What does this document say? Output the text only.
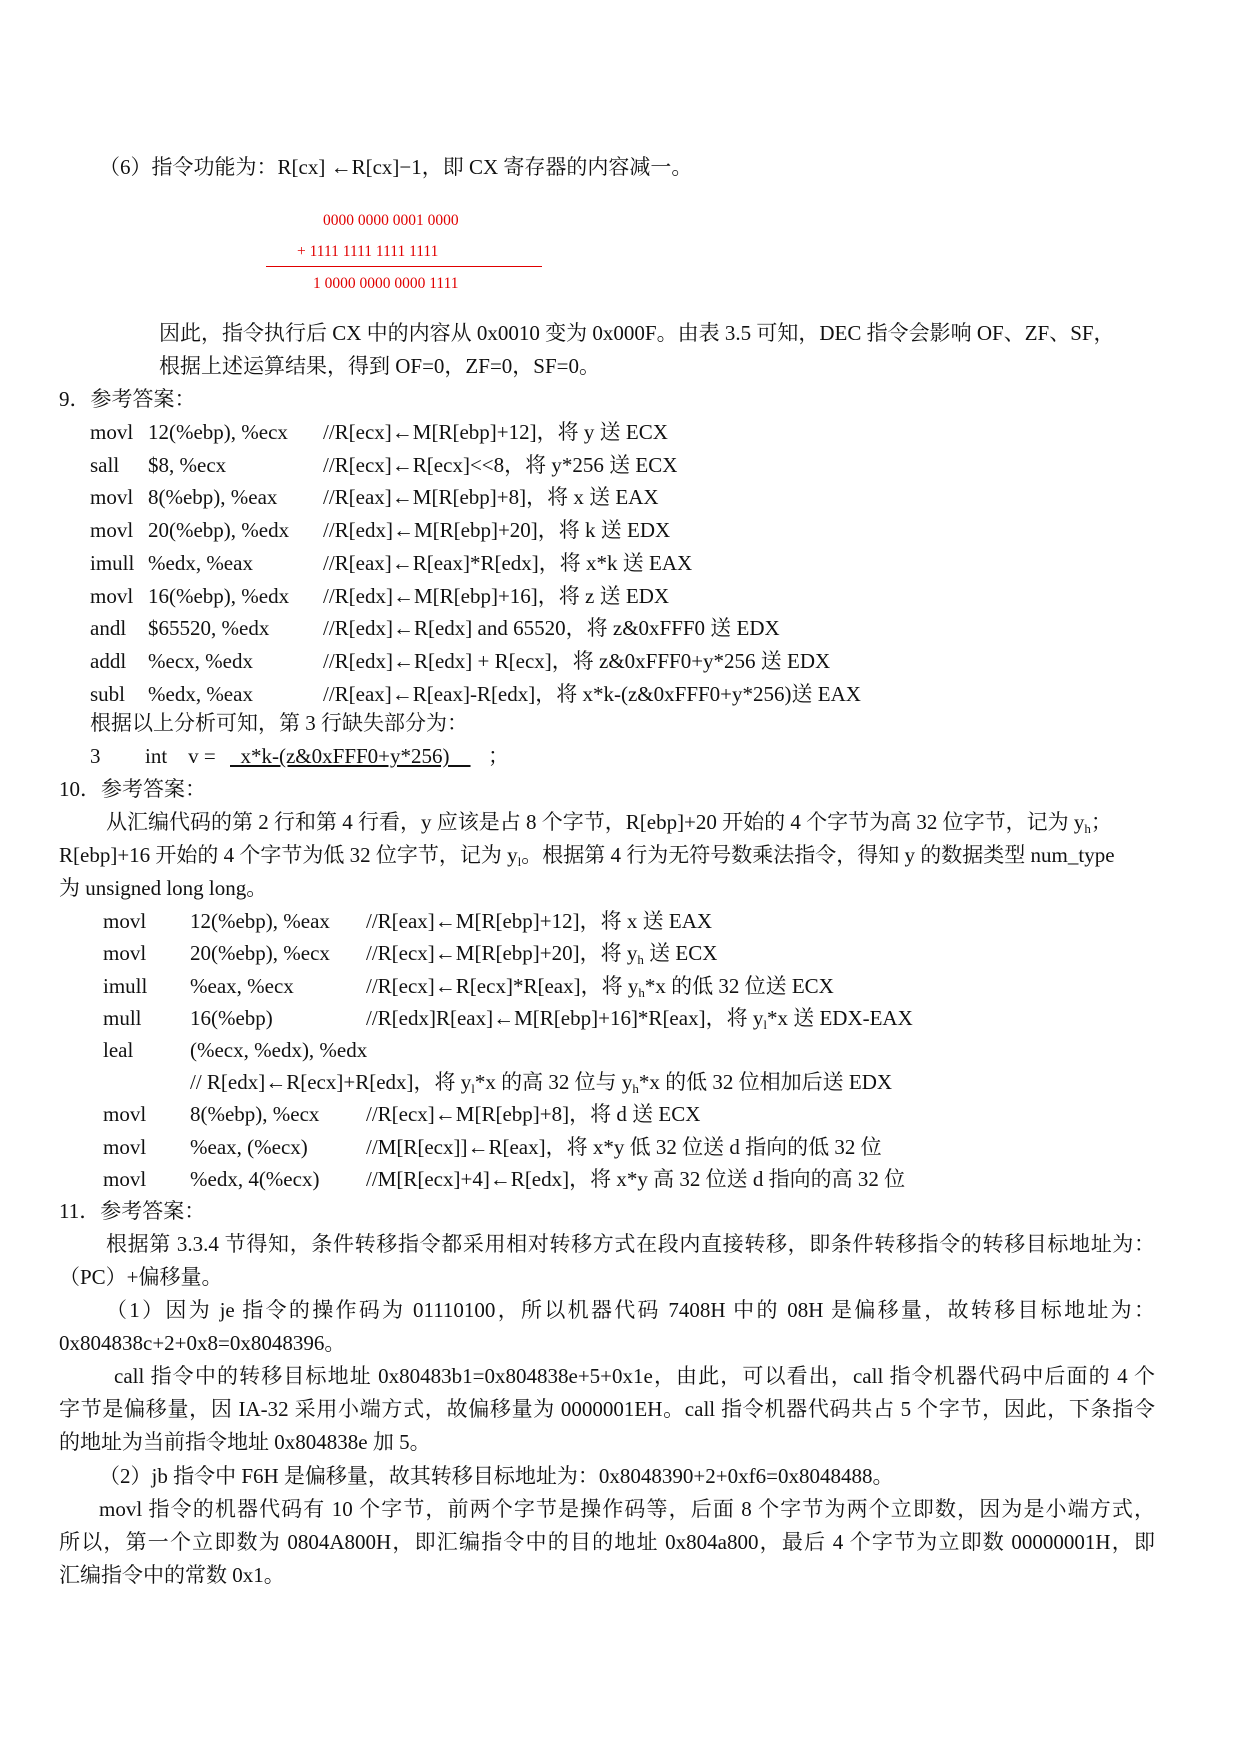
（6）指令功能为：R[cx] ←R[cx]−1，即 CX 寄存器的内容减一。
0000 0000 0001 0000
+ 1111 1111 1111 1111
1 0000 0000 0000 1111
因此，指令执行后 CX 中的内容从 0x0010 变为 0x000F。由表 3.5 可知，DEC 指令会影响 OF、ZF、SF，
根据上述运算结果，得到 OF=0，ZF=0，SF=0。
9．参考答案：
movl 12(%ebp), %ecx //R[ecx]←M[R[ebp]+12]，将 y 送 ECX
sall $8, %ecx	//R[ecx]←R[ecx]<<8，将 y*256 送 ECX
movl 8(%ebp), %eax //R[eax]←M[R[ebp]+8]，将 x 送 EAX
movl 20(%ebp), %edx //R[edx]←M[R[ebp]+20]，将 k 送 EDX
imull %edx, %eax	//R[eax]←R[eax]*R[edx]，将 x*k 送 EAX
movl 16(%ebp), %edx //R[edx]←M[R[ebp]+16]，将 z 送 EDX
andl $65520, %edx	//R[edx]←R[edx] and 65520，将 z&0xFFF0 送 EDX
addl %ecx, %edx	//R[edx]←R[edx] + R[ecx]，将 z&0xFFF0+y*256 送 EDX
subl %edx, %eax	//R[eax]←R[eax]-R[edx]，将 x*k-(z&0xFFF0+y*256)送 EAX
根据以上分析可知，第 3 行缺失部分为：
3 int    v = x*k-(z&0xFFF0+y*256) ；
10．参考答案：
从汇编代码的第 2 行和第 4 行看，y 应该是占 8 个字节，R[ebp]+20 开始的 4 个字节为高 32 位字节，记为 $y_h$；
R[ebp]+16 开始的 4 个字节为低 32 位字节，记为 $y_l$。根据第 4 行为无符号数乘法指令，得知 y 的数据类型 num_type
为 unsigned long long。
movl 12(%ebp), %eax //R[eax]←M[R[ebp]+12]，将 x 送 EAX
movl 20(%ebp), %ecx //R[ecx]←M[R[ebp]+20]，将 $y_h$ 送 ECX
imull %eax, %ecx	//R[ecx]←R[ecx]*R[eax]，将 $y_h*x$ 的低 32 位送 ECX
mull 16(%ebp)	//R[edx]R[eax]←M[R[ebp]+16]*R[eax]，将 $y_l*x$ 送 EDX-EAX
leal	(%ecx, %edx), %edx
// R[edx]←R[ecx]+R[edx]，将 $y_l*x$ 的高 32 位与 $y_h*x$ 的低 32 位相加后送 EDX
movl 8(%ebp), %ecx //R[ecx]←M[R[ebp]+8]，将 d 送 ECX
movl %eax, (%ecx)	//M[R[ecx]]←R[eax]，将 x*y 低 32 位送 d 指向的低 32 位
movl %edx, 4(%ecx) //M[R[ecx]+4]←R[edx]，将 x*y 高 32 位送 d 指向的高 32 位
11．参考答案：
根据第 3.3.4 节得知，条件转移指令都采用相对转移方式在段内直接转移，即条件转移指令的转移目标地址为：
（PC）+偏移量。
（1）因为 je 指令的操作码为 01110100，所以机器代码 7408H 中的 08H 是偏移量，故转移目标地址为：
0x804838c+2+0x8=0x8048396。
call 指令中的转移目标地址 0x80483b1=0x804838e+5+0x1e，由此，可以看出，call 指令机器代码中后面的 4 个
字节是偏移量，因 IA-32 采用小端方式，故偏移量为 0000001EH。call 指令机器代码共占 5 个字节，因此，下条指令
的地址为当前指令地址 0x804838e 加 5。
（2）jb 指令中 F6H 是偏移量，故其转移目标地址为：0x8048390+2+0xf6=0x8048488。
movl 指令的机器代码有 10 个字节，前两个字节是操作码等，后面 8 个字节为两个立即数，因为是小端方式，
所以，第一个立即数为 0804A800H，即汇编指令中的目的地址 0x804a800，最后 4 个字节为立即数 00000001H，即
汇编指令中的常数 0x1。
